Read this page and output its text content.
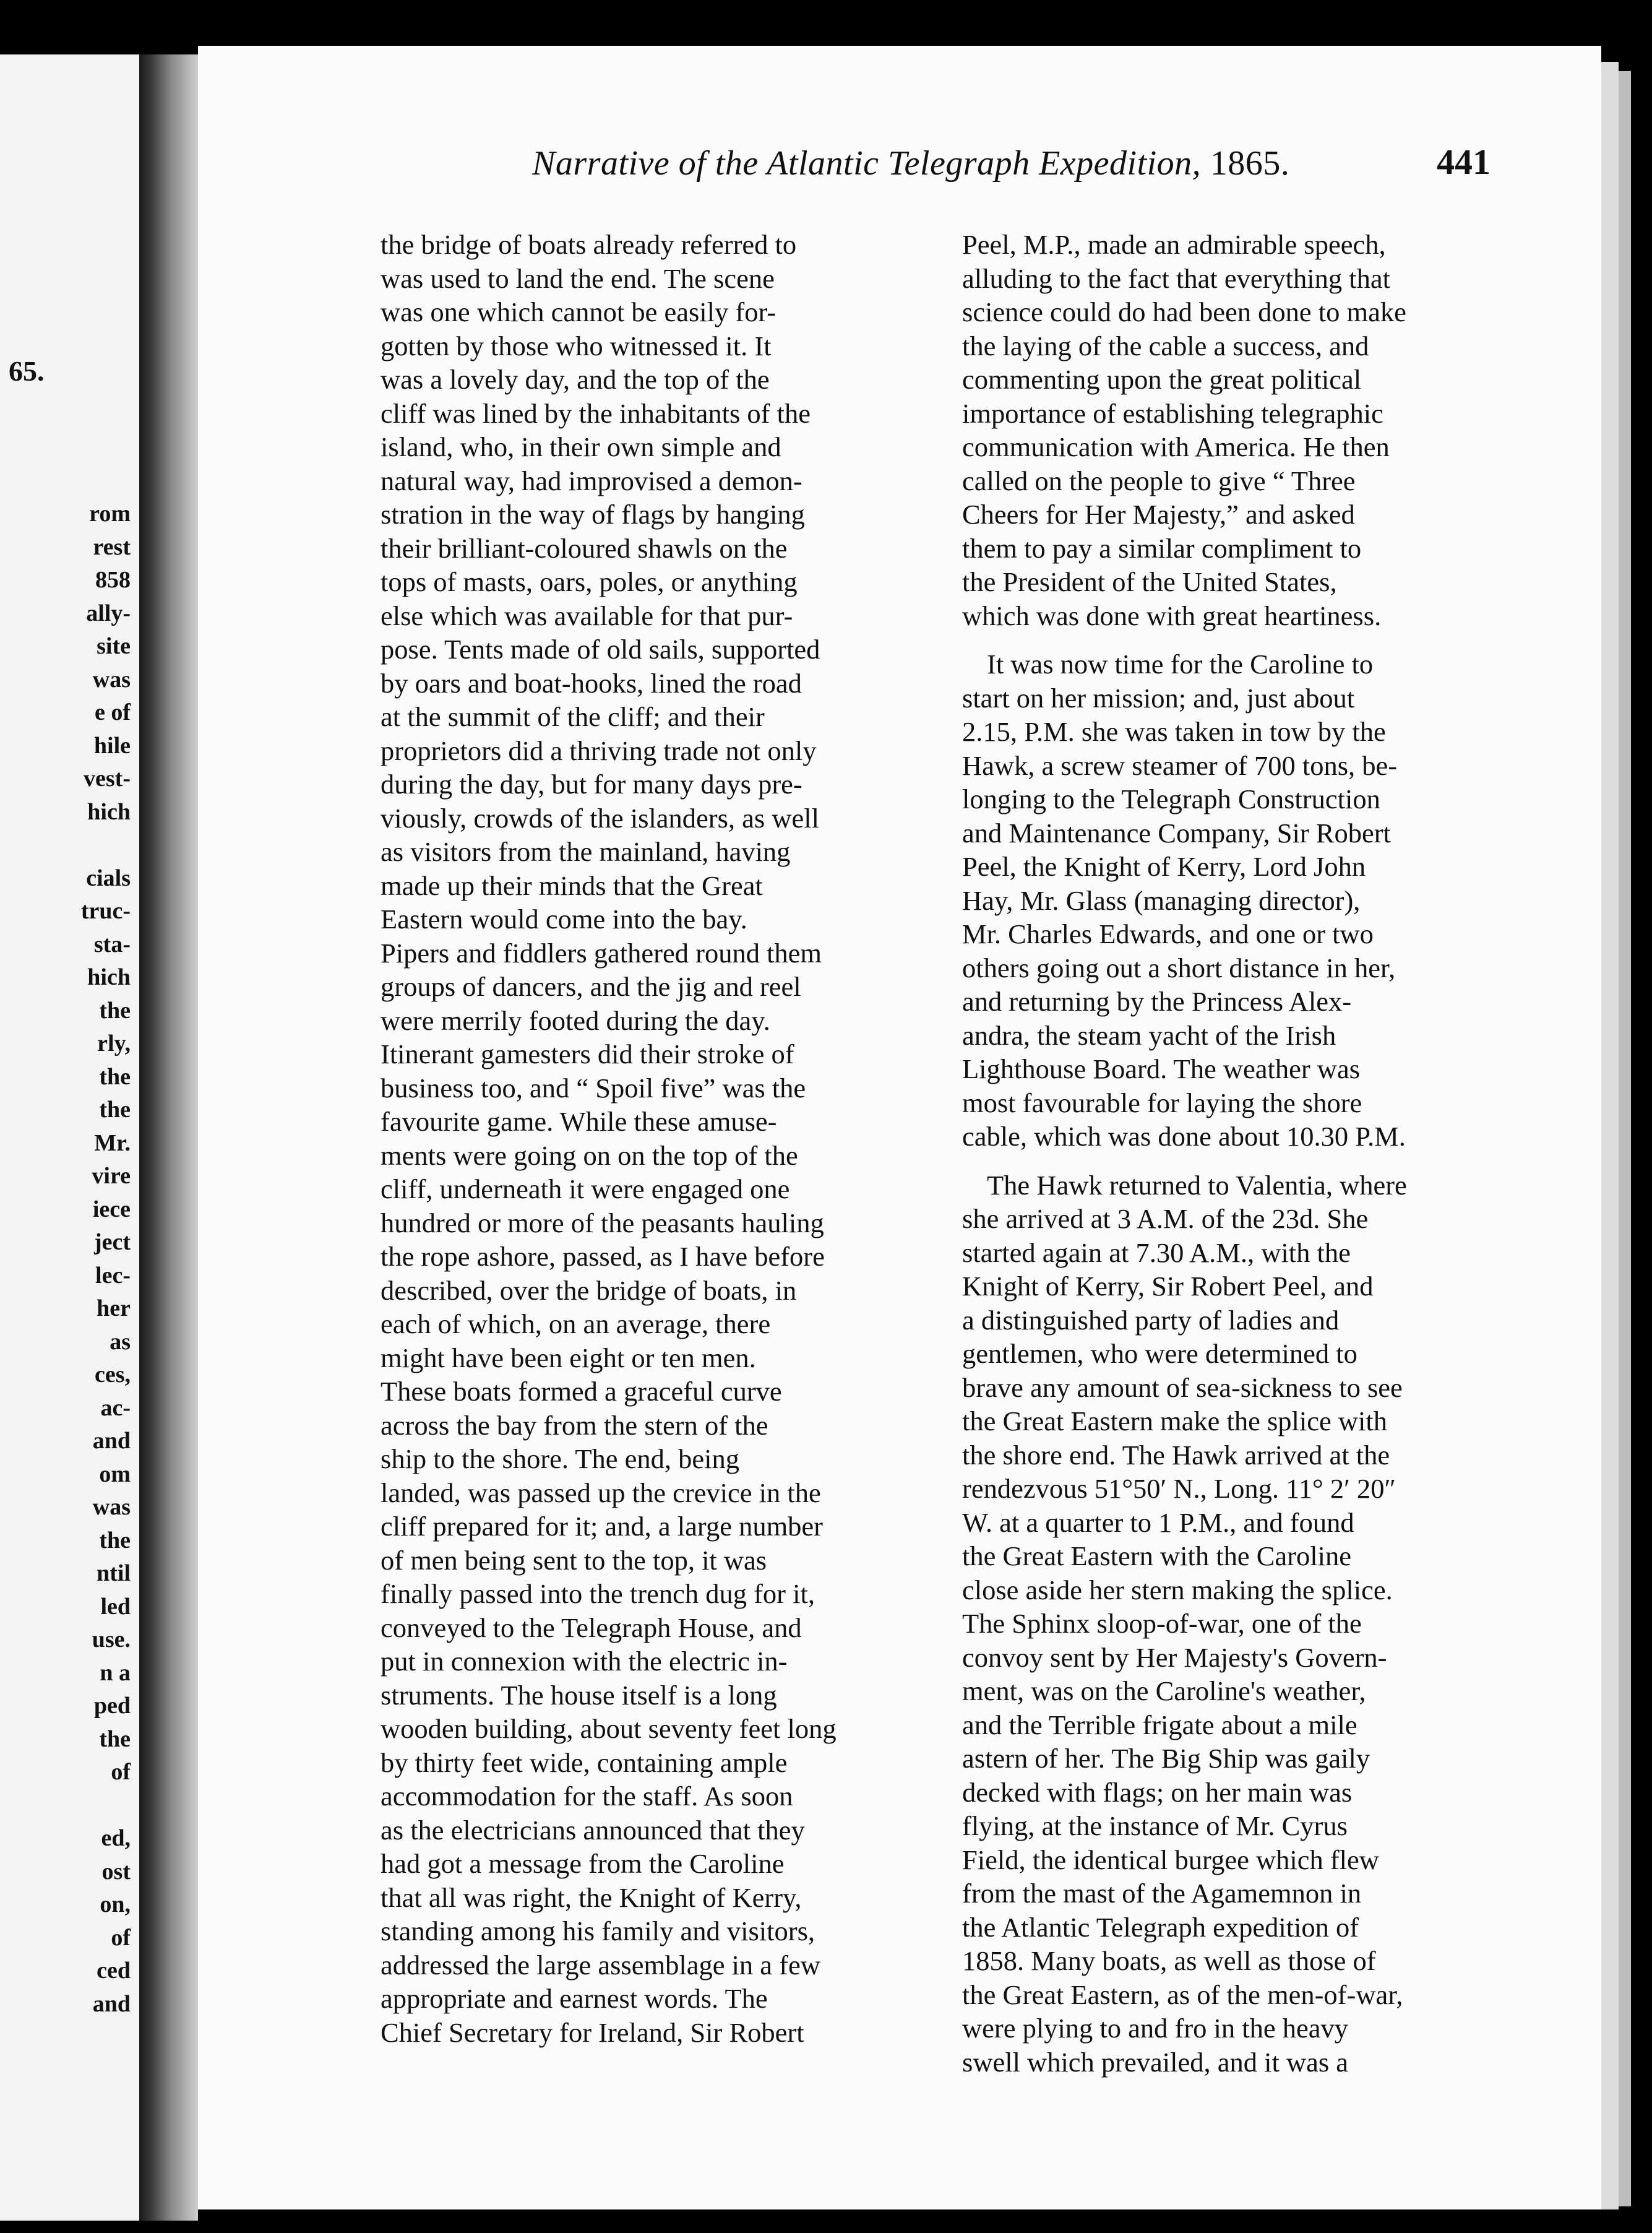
65.
rom
rest
858
ally-
site
was
e of
hile
vest-
hich
cials
truc-
sta-
hich
the
rly,
the
the
Mr.
vire
iece
ject
lec-
her
as
ces,
ac-
and
om
was
the
ntil
led
use.
n a
ped
the
of
ed,
ost
on,
of
ced
and
Narrative of the Atlantic Telegraph Expedition, 1865.	441
the bridge of boats already referred to
was used to land the end. The scene
was one which cannot be easily for-
gotten by those who witnessed it. It
was a lovely day, and the top of the
cliff was lined by the inhabitants of the
island, who, in their own simple and
natural way, had improvised a demon-
stration in the way of flags by hanging
their brilliant-coloured shawls on the
tops of masts, oars, poles, or anything
else which was available for that pur-
pose. Tents made of old sails, supported
by oars and boat-hooks, lined the road
at the summit of the cliff; and their
proprietors did a thriving trade not only
during the day, but for many days pre-
viously, crowds of the islanders, as well
as visitors from the mainland, having
made up their minds that the Great
Eastern would come into the bay.
Pipers and fiddlers gathered round them
groups of dancers, and the jig and reel
were merrily footed during the day.
Itinerant gamesters did their stroke of
business too, and “ Spoil five” was the
favourite game. While these amuse-
ments were going on on the top of the
cliff, underneath it were engaged one
hundred or more of the peasants hauling
the rope ashore, passed, as I have before
described, over the bridge of boats, in
each of which, on an average, there
might have been eight or ten men.
These boats formed a graceful curve
across the bay from the stern of the
ship to the shore. The end, being
landed, was passed up the crevice in the
cliff prepared for it; and, a large number
of men being sent to the top, it was
finally passed into the trench dug for it,
conveyed to the Telegraph House, and
put in connexion with the electric in-
struments. The house itself is a long
wooden building, about seventy feet long
by thirty feet wide, containing ample
accommodation for the staff. As soon
as the electricians announced that they
had got a message from the Caroline
that all was right, the Knight of Kerry,
standing among his family and visitors,
addressed the large assemblage in a few
appropriate and earnest words. The
Chief Secretary for Ireland, Sir Robert
Peel, M.P., made an admirable speech,
alluding to the fact that everything that
science could do had been done to make
the laying of the cable a success, and
commenting upon the great political
importance of establishing telegraphic
communication with America. He then
called on the people to give “ Three
Cheers for Her Majesty,” and asked
them to pay a similar compliment to
the President of the United States,
which was done with great heartiness.
It was now time for the Caroline to
start on her mission; and, just about
2.15, P.M. she was taken in tow by the
Hawk, a screw steamer of 700 tons, be-
longing to the Telegraph Construction
and Maintenance Company, Sir Robert
Peel, the Knight of Kerry, Lord John
Hay, Mr. Glass (managing director),
Mr. Charles Edwards, and one or two
others going out a short distance in her,
and returning by the Princess Alex-
andra, the steam yacht of the Irish
Lighthouse Board. The weather was
most favourable for laying the shore
cable, which was done about 10.30 P.M.
The Hawk returned to Valentia, where
she arrived at 3 A.M. of the 23d. She
started again at 7.30 A.M., with the
Knight of Kerry, Sir Robert Peel, and
a distinguished party of ladies and
gentlemen, who were determined to
brave any amount of sea-sickness to see
the Great Eastern make the splice with
the shore end. The Hawk arrived at the
rendezvous 51°50′ N., Long. 11° 2′ 20″
W. at a quarter to 1 P.M., and found
the Great Eastern with the Caroline
close aside her stern making the splice.
The Sphinx sloop-of-war, one of the
convoy sent by Her Majesty's Govern-
ment, was on the Caroline's weather,
and the Terrible frigate about a mile
astern of her. The Big Ship was gaily
decked with flags; on her main was
flying, at the instance of Mr. Cyrus
Field, the identical burgee which flew
from the mast of the Agamemnon in
the Atlantic Telegraph expedition of
1858. Many boats, as well as those of
the Great Eastern, as of the men-of-war,
were plying to and fro in the heavy
swell which prevailed, and it was a
